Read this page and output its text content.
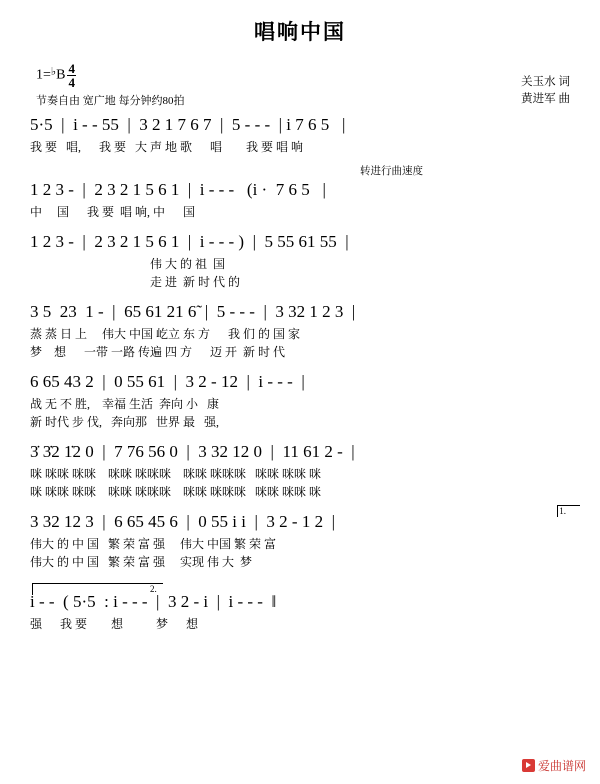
唱响中国
$1=^♭B \frac{4}{4}$
节奏自由 宽广地 每分钟约80拍
关玉水 词
黄进军 曲
5·5  |  i - - 55  |  3 2 1 7 6 7  |  5 - - -  | i 7 6 5   |
我 要   唱,      我 要   大 声 地 歌      唱        我 要 唱 响
转进行曲速度
1 2 3 -  |  2 3 2 1 5 6 1  |  i - - -   (i ·  7 6 5   |
中     国      我 要  唱 响, 中      国
1 2 3 -  |  2 3 2 1 5 6 1  |  i - - - )  |  5 55 61 55  |
伟 大 的 祖  国
走 进  新 时 代 的
3 5  23  1 -  |  65 61 21 6̃  |  5 - - -  |  3 32 1 2 3  |
蒸 蒸 日 上     伟大 中国 屹立 东 方      我 们 的 国 家
梦    想      一带 一路 传遍 四 方      迈 开  新 时 代
6 65 43 2  |  0 55 61  |  3 2 - 12  |  i - - -  |
战 无 不 胜,    幸福 生活  奔向 小   康
新 时代 步 伐,   奔向那   世界 最   强,
3̇ 3̇2 1̇2 0  |  7 76 56 0  |  3 32 12 0  |  11 61 2 -  |
咪 咪咪 咪咪    咪咪 咪咪咪    咪咪 咪咪咪   咪咪 咪咪 咪
咪 咪咪 咪咪    咪咪 咪咪咪    咪咪 咪咪咪   咪咪 咪咪 咪
3 32 12 3  |  6 65 45 6  |  0 55 i i  |  3 2 - 1 2  |
伟大 的 中 国   繁 荣 富 强     伟大 中国 繁 荣 富
伟大 的 中 国   繁 荣 富 强     实现 伟 大  梦
1.
2.
i - -  ( 5·5  : i - - -  |  3 2 - i  |  i - - -  ‖
强      我 要        想           梦      想
爱曲谱网
